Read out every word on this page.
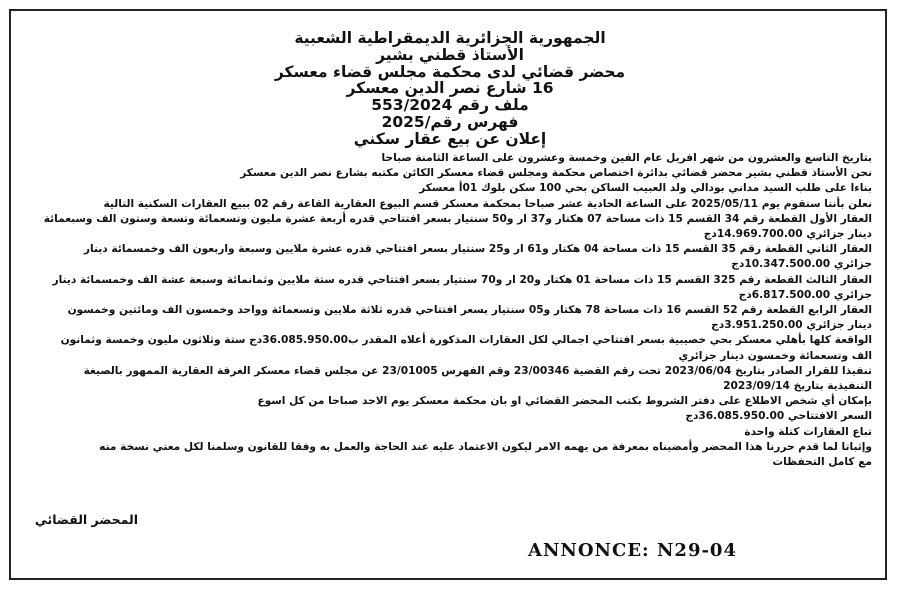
الجمهورية الجزائرية الديمقراطية الشعبية
الأستاذ قطني بشير
محضر قضائي لدى محكمة مجلس قضاء معسكر
16 شارع نصر الدين معسكر
ملف رقم 553/2024
فهرس رقم/2025
إعلان عن بيع عقار سكني
بتاريخ التاسع والعشرون من شهر افريل عام الفين وخمسة وعشرون على الساعة الثامنة صباحا
نحن الأستاذ قطني بشير محضر قضائي بدائرة اختصاص محكمة ومجلس قضاء معسكر الكائن مكتبه بشارع نصر الدين معسكر
بناءا على طلب السيد مداني بودالي ولد العبيب الساكن بحي 100 سكن بلوك 01أ معسكر
نعلن بأننا سنقوم يوم 2025/05/11 على الساعة الحادية عشر صباحا بمحكمة معسكر قسم البيوع العقارية القاعة رقم 02 ببيع العقارات السكنية التالية
العقار الأول القطعة رقم 34 القسم 15 ذات مساحة 07 هكتار و37 ار و50 سنتيار بسعر افتتاحي قدره أربعة عشرة مليون وتسعمائة وتسعة وستون الف وسبعمائة
دينار جزائري 14.969.700.00دج
العقار الثاني القطعة رقم 35 القسم 15 ذات مساحة 04 هكتار و61 ار و25 سنتيار بسعر افتتاحي قدره عشرة ملايين وسبعة واربعون الف وخمسمائة دينار
جزائري 10.347.500.00دج
العقار الثالث القطعة رقم 325 القسم 15 ذات مساحة 01 هكتار و20 ار و70 سنتيار بسعر افتتاحي قدره ستة ملايين وثمانمائة وسبعة عشة الف وخمسمائة دينار
جزائري 6.817.500.00دج
العقار الرابع القطعة رقم 52 القسم 16 ذات مساحة 78 هكتار و05 سنتيار بسعر افتتاحي قدره ثلاثة ملايين وتسعمائة وواحد وخمسون الف ومائتين وخمسون
دينار جزائري 3.951.250.00دج
الواقعة كلها بأهلي معسكر بحي خصيبية بسعر افتتاحي اجمالي لكل العقارات المذكورة أعلاه المقدر ب36.085.950.00دج ستة وثلاثون مليون وخمسة وثمانون
الف وتسعمائة وخمسون دينار جزائري
تنفيذا للقرار الصادر بتاريخ 2023/06/04 تحت رقم القضية 23/00346 وقم الفهرس 23/01005 عن مجلس قضاء معسكر الغرفة العقارية الممهور بالصيغة
التنفيذية بتاريخ 2023/09/14
بإمكان أي شخص الاطلاع على دفتر الشروط بكتب المحضر القضائي او بان محكمة معسكر يوم الاحد صباحا من كل اسوع
السعر الافتتاحي 36.085.950.00دج
تباع العقارات كتلة واحدة
وإثباتا لما قدم حررنا هذا المحضر وأمضيناه بمعرفة من يهمه الامر ليكون الاعتماد عليه عند الحاجة والعمل به وفقا للقانون وسلمنا لكل معني نسخة منه
مع كامل التحفظات
المحضر القضائي
ANNONCE: N29-04
